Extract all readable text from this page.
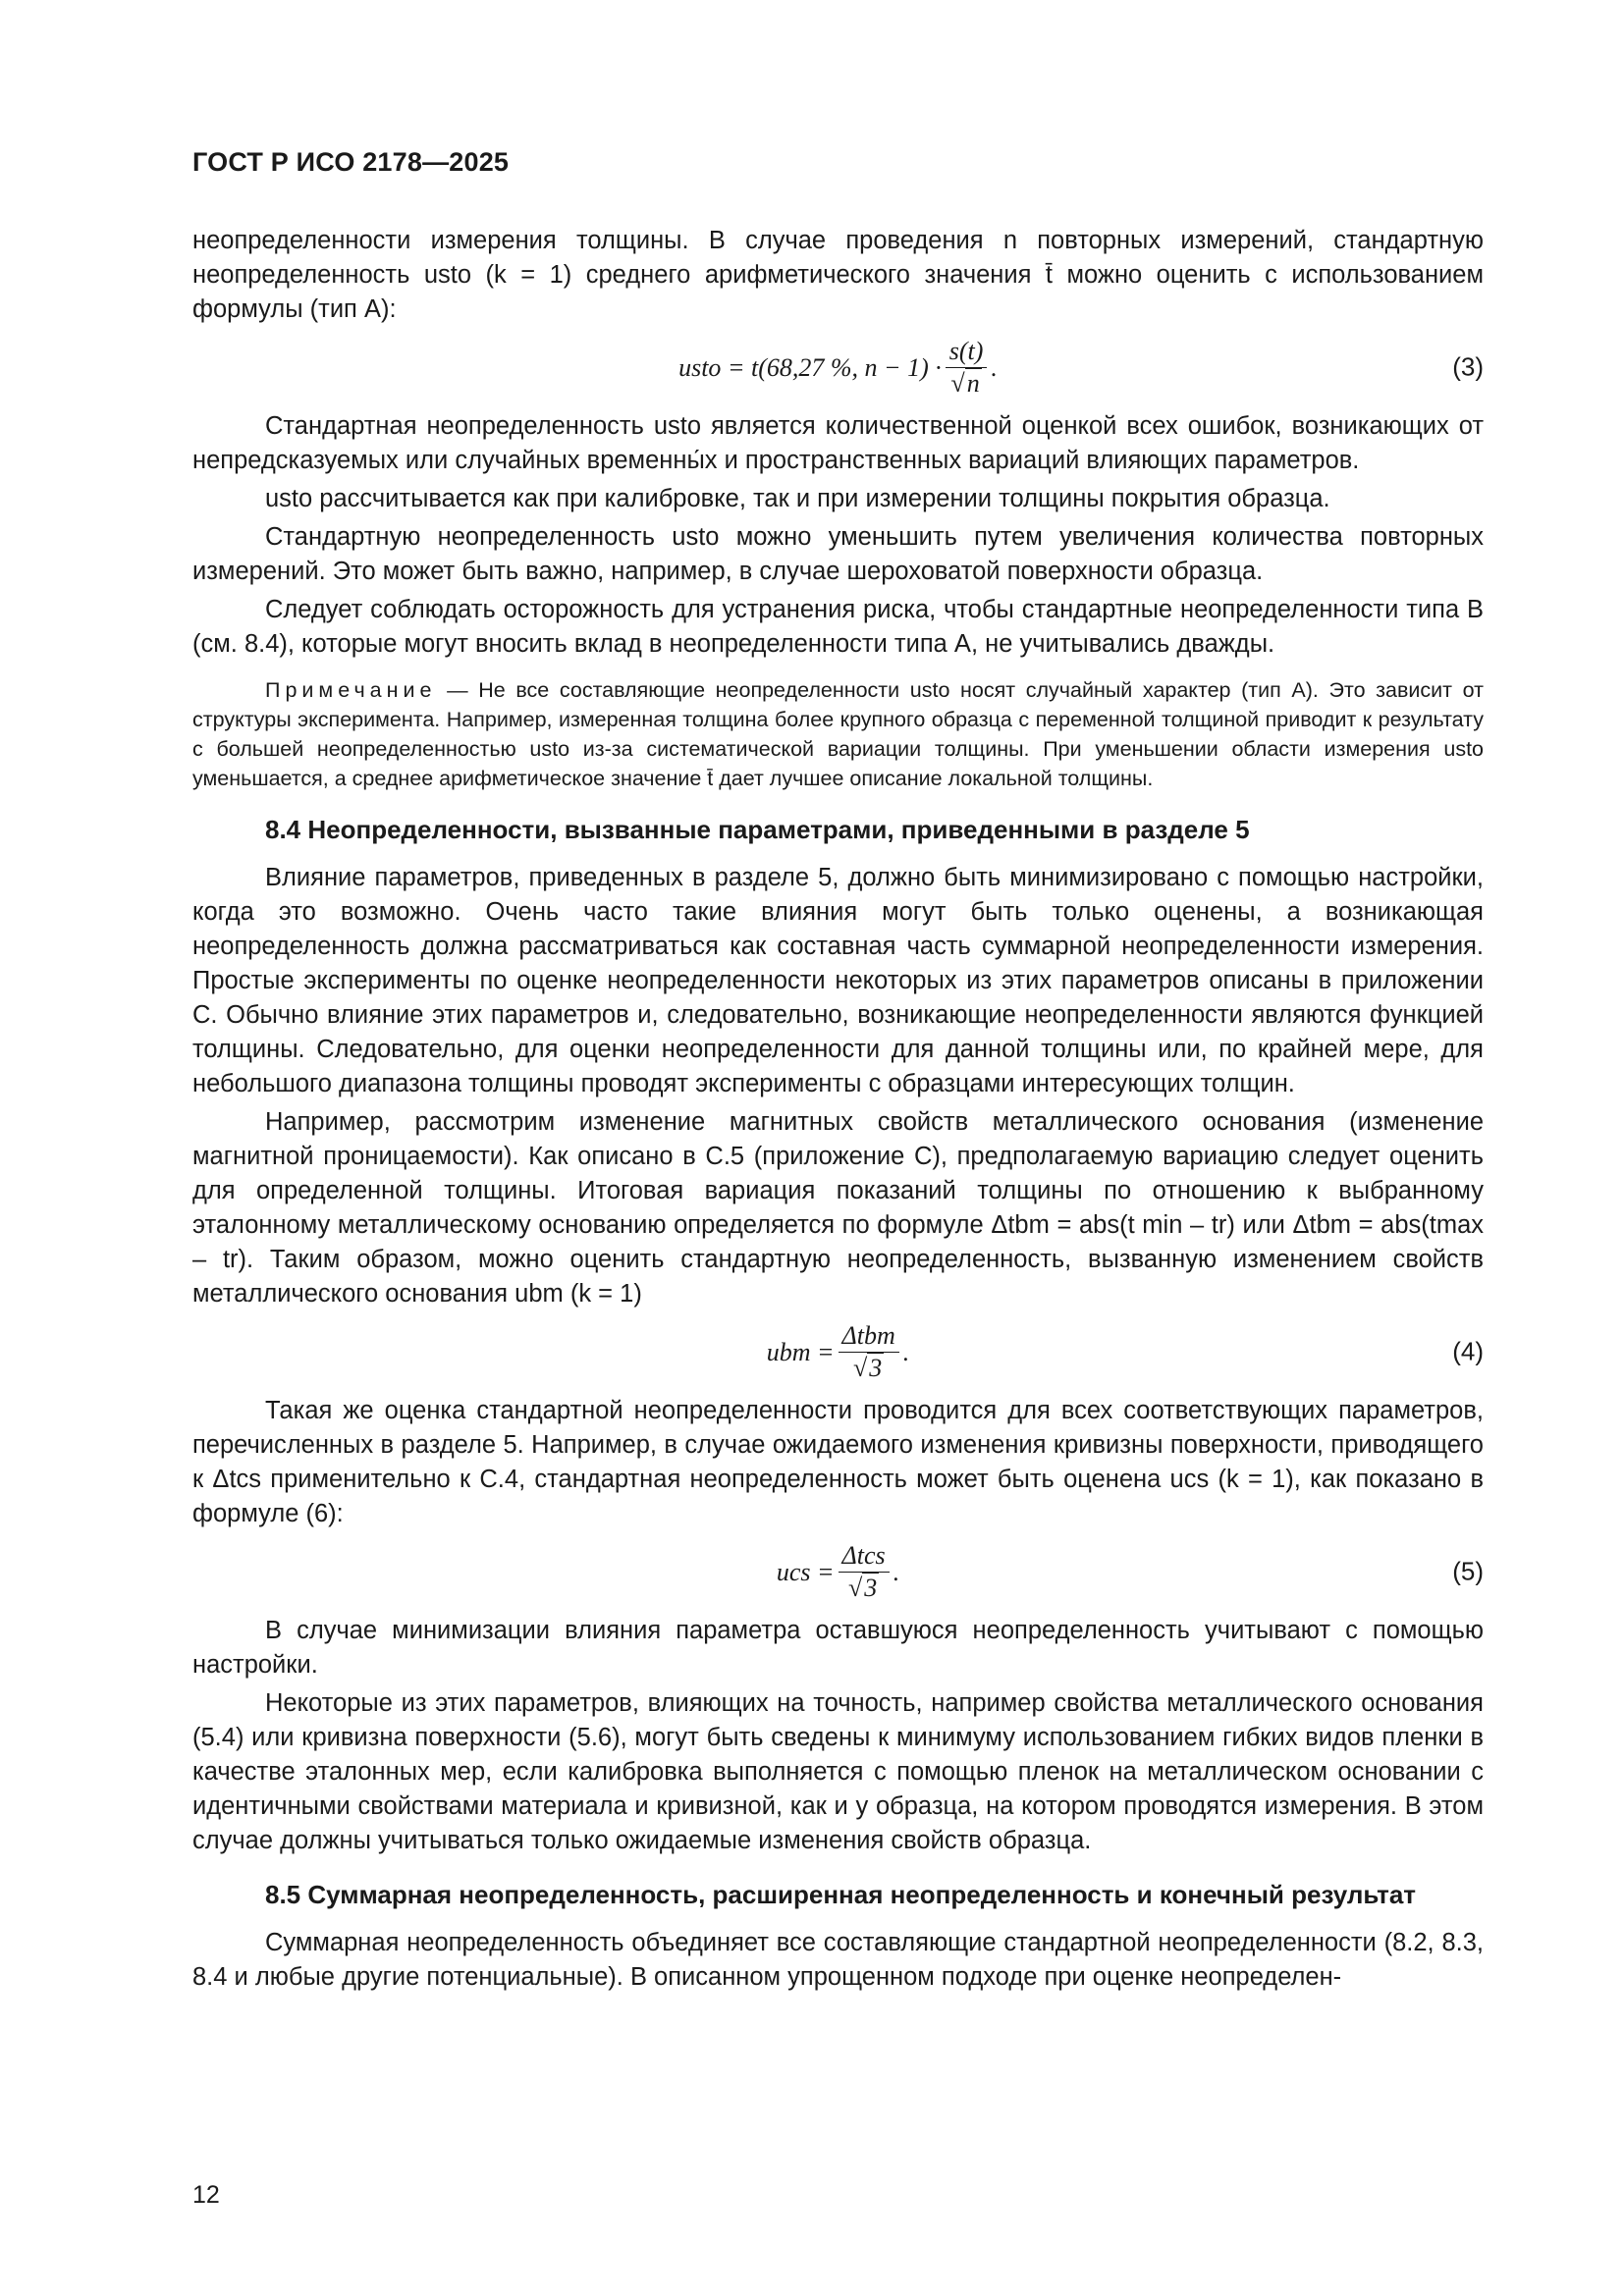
ГОСТ Р ИСО 2178—2025

неопределенности измерения толщины. В случае проведения n повторных измерений, стандартную неопределенность usto (k = 1) среднего арифметического значения t̄ можно оценить с использованием формулы (тип А):

usto
= t(68,27 %, $n - 1) \cdot \frac{s(t)}{√n}$ .	(3)

Стандартная неопределенность usto является количественной оценкой всех ошибок, возникающих от непредсказуемых или случайных временны́х и пространственных вариаций влияющих параметров.

usto рассчитывается как при калибровке, так и при измерении толщины покрытия образца.

Стандартную неопределенность usto можно уменьшить путем увеличения количества повторных измерений. Это может быть важно, например, в случае шероховатой поверхности образца.

Следует соблюдать осторожность для устранения риска, чтобы стандартные неопределенности типа В (см. 8.4), которые могут вносить вклад в неопределенности типа А, не учитывались дважды.

Примечание — Не все составляющие неопределенности usto носят случайный характер (тип А). Это зависит от структуры эксперимента. Например, измеренная толщина более крупного образца с переменной толщиной приводит к результату с большей неопределенностью usto из-за систематической вариации толщины. При уменьшении области измерения usto уменьшается, а среднее арифметическое значение t̄ дает лучшее описание локальной толщины.

8.4 Неопределенности, вызванные параметрами, приведенными в разделе 5

Влияние параметров, приведенных в разделе 5, должно быть минимизировано с помощью настройки, когда это возможно. Очень часто такие влияния могут быть только оценены, а возникающая неопределенность должна рассматриваться как составная часть суммарной неопределенности измерения. Простые эксперименты по оценке неопределенности некоторых из этих параметров описаны в приложении С. Обычно влияние этих параметров и, следовательно, возникающие неопределенности являются функцией толщины. Следовательно, для оценки неопределенности для данной толщины или, по крайней мере, для небольшого диапазона толщины проводят эксперименты с образцами интересующих толщин.

Например, рассмотрим изменение магнитных свойств металлического основания (изменение магнитной проницаемости). Как описано в С.5 (приложение С), предполагаемую вариацию следует оценить для определенной толщины. Итоговая вариация показаний толщины по отношению к выбранному эталонному металлическому основанию определяется по формуле Δtbm = abs(t min – tr) или Δtbm = abs(tmax – tr). Таким образом, можно оценить стандартную неопределенность, вызванную изменением свойств металлического основания ubm (k = 1)

ubm
= $\frac{\text{Δtbm}}{√3}$ .	(4)

Такая же оценка стандартной неопределенности проводится для всех соответствующих параметров, перечисленных в разделе 5. Например, в случае ожидаемого изменения кривизны поверхности, приводящего к Δtcs применительно к С.4, стандартная неопределенность может быть оценена ucs (k = 1), как показано в формуле (6):

ucs
= $\frac{\text{Δtcs}}{√3}$ .	(5)

В случае минимизации влияния параметра оставшуюся неопределенность учитывают с помощью настройки.

Некоторые из этих параметров, влияющих на точность, например свойства металлического основания (5.4) или кривизна поверхности (5.6), могут быть сведены к минимуму использованием гибких видов пленки в качестве эталонных мер, если калибровка выполняется с помощью пленок на металлическом основании с идентичными свойствами материала и кривизной, как и у образца, на котором проводятся измерения. В этом случае должны учитываться только ожидаемые изменения свойств образца.

8.5 Суммарная неопределенность, расширенная неопределенность и конечный результат

Суммарная неопределенность объединяет все составляющие стандартной неопределенности (8.2, 8.3, 8.4 и любые другие потенциальные). В описанном упрощенном подходе при оценке неопределен-

12
